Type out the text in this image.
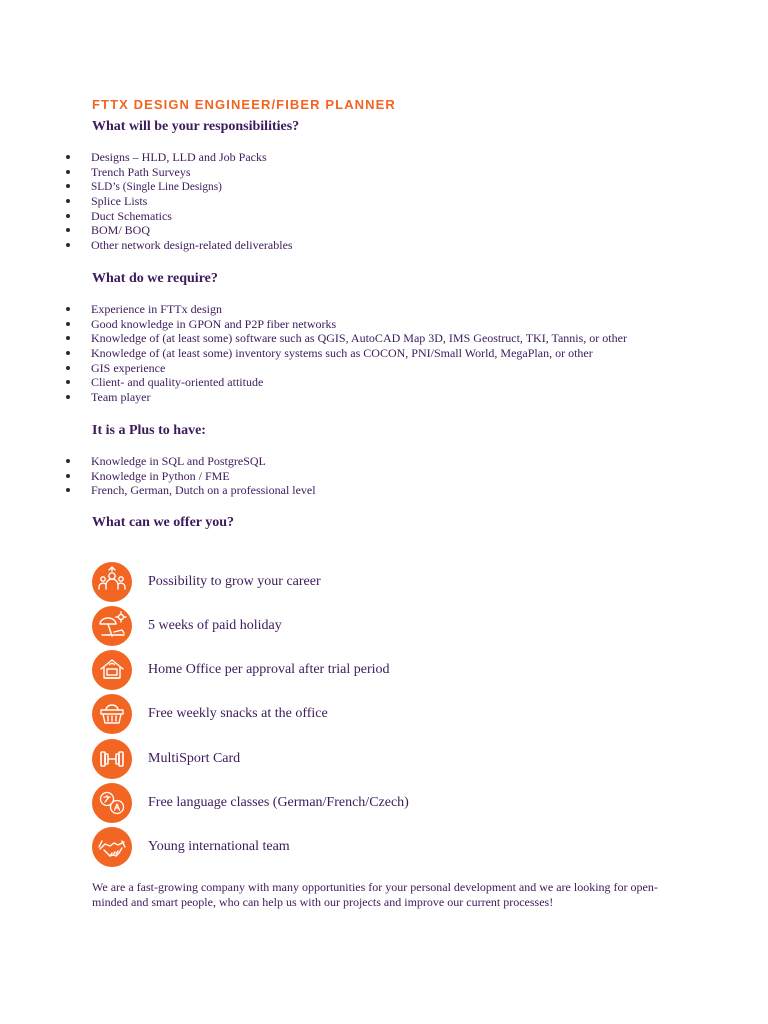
FTTX DESIGN ENGINEER/FIBER PLANNER
What will be your responsibilities?
Designs – HLD, LLD and Job Packs
Trench Path Surveys
SLD’s (Single Line Designs)
Splice Lists
Duct Schematics
BOM/ BOQ
Other network design-related deliverables
What do we require?
Experience in FTTx design
Good knowledge in GPON and P2P fiber networks
Knowledge of (at least some) software such as QGIS, AutoCAD Map 3D, IMS Geostruct, TKI, Tannis, or other
Knowledge of (at least some) inventory systems such as COCON, PNI/Small World, MegaPlan, or other
GIS experience
Client- and quality-oriented attitude
Team player
It is a Plus to have:
Knowledge in SQL and PostgreSQL
Knowledge in Python / FME
French, German, Dutch on a professional level
What can we offer you?
Possibility to grow your career
5 weeks of paid holiday
Home Office per approval after trial period
Free weekly snacks at the office
MultiSport Card
Free language classes (German/French/Czech)
Young international team

We are a fast-growing company with many opportunities for your personal development and we are looking for open-minded and smart people, who can help us with our projects and improve our current processes!
